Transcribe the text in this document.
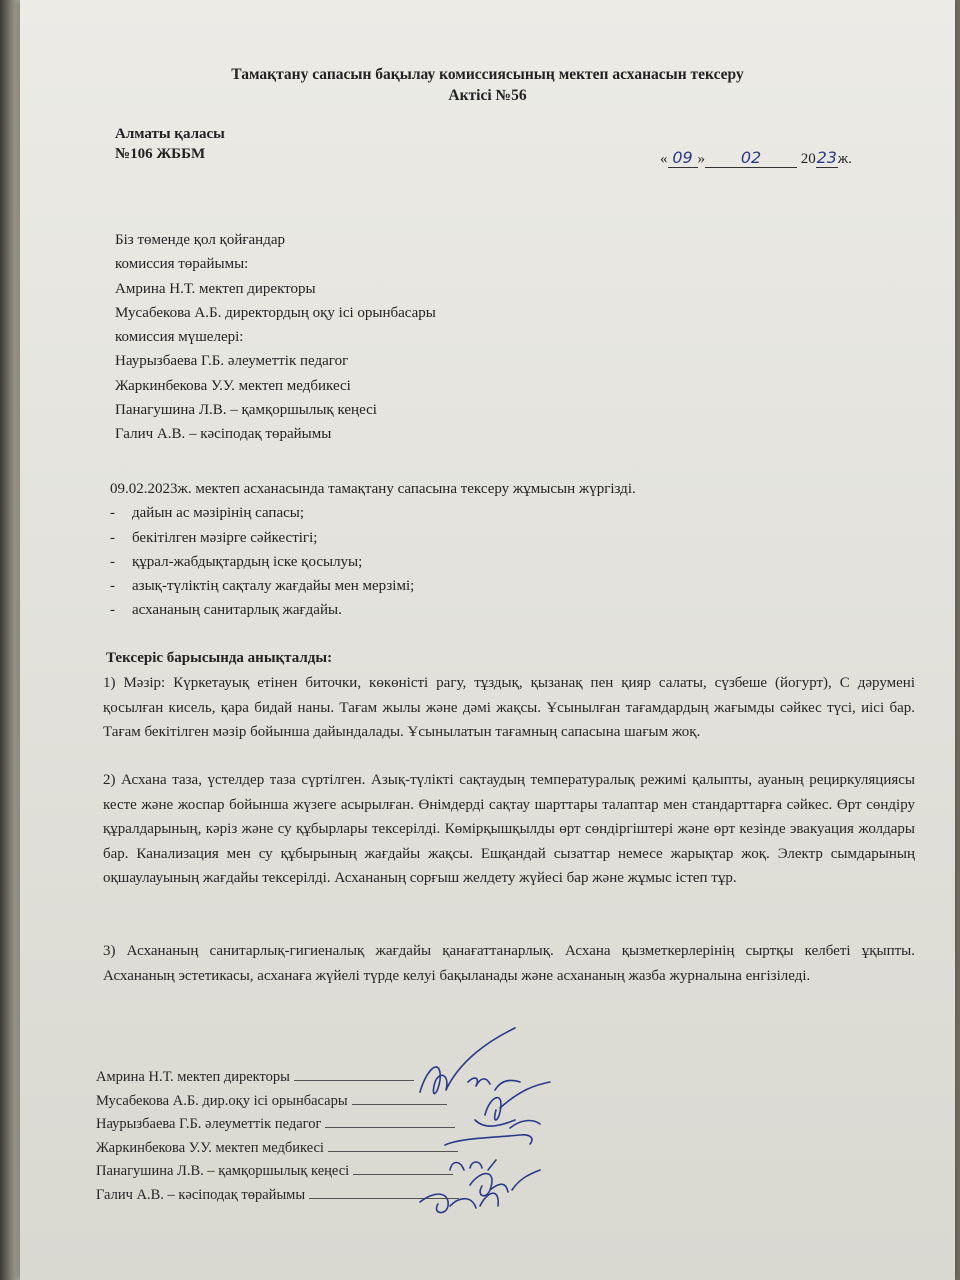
Тамақтану сапасын бақылау комиссиясының мектеп асханасын тексеру
Актісі №56
Алматы қаласы
№106 ЖББМ	« 09 » 02	2023ж.
Біз төменде қол қойғандар
комиссия төрайымы:
Амрина Н.Т. мектеп директоры
Мусабекова А.Б. директордың оқу ісі орынбасары
комиссия мүшелері:
Наурызбаева Г.Б. әлеуметтік педагог
Жаркинбекова У.У. мектеп медбикесі
Панагушина Л.В. – қамқоршылық кеңесі
Галич А.В. – кәсіподақ төрайымы
09.02.2023ж. мектеп асханасында тамақтану сапасына тексеру жұмысын жүргізді.
- дайын ас мәзірінің сапасы;
- бекітілген мәзірге сәйкестігі;
- құрал-жабдықтардың іске қосылуы;
- азық-түліктің сақталу жағдайы мен мерзімі;
- асхананың санитарлық жағдайы.
Тексеріс барысында анықталды:
1) Мәзір: Күркетауық етінен биточки, көкөністі рагу, тұздық, қызанақ пен қияр салаты, сүзбеше (йогурт), С дәрумені қосылған кисель, қара бидай наны. Тағам жылы және дәмі жақсы. Ұсынылған тағамдардың жағымды сәйкес түсі, иісі бар. Тағам бекітілген мәзір бойынша дайындалады. Ұсынылатын тағамның сапасына шағым жоқ.
2) Асхана таза, үстелдер таза сүртілген. Азық-түлікті сақтаудың температуралық режимі қалыпты, ауаның рециркуляциясы кесте және жоспар бойынша жүзеге асырылған. Өнімдерді сақтау шарттары талаптар мен стандарттарға сәйкес. Өрт сөндіру құралдарының, кәріз және су құбырлары тексерілді. Көмірқышқылды өрт сөндіргіштері және өрт кезінде эвакуация жолдары бар. Канализация мен су құбырының жағдайы жақсы. Ешқандай сызаттар немесе жарықтар жоқ. Электр сымдарының оқшаулауының жағдайы тексерілді. Асхананың сорғыш желдету жүйесі бар және жұмыс істеп тұр.
3) Асхананың санитарлық-гигиеналық жағдайы қанағаттанарлық. Асхана қызметкерлерінің сыртқы келбеті ұқыпты. Асхананың эстетикасы, асханаға жүйелі түрде келуі бақыланады және асхананың жазба журналына енгізіледі.
Амрина Н.Т. мектеп директоры
Мусабекова А.Б. дир.оқу ісі орынбасары
Наурызбаева Г.Б. әлеуметтік педагог
Жаркинбекова У.У. мектеп медбикесі
Панагушина Л.В. – қамқоршылық кеңесі
Галич А.В. – кәсіподақ төрайымы
